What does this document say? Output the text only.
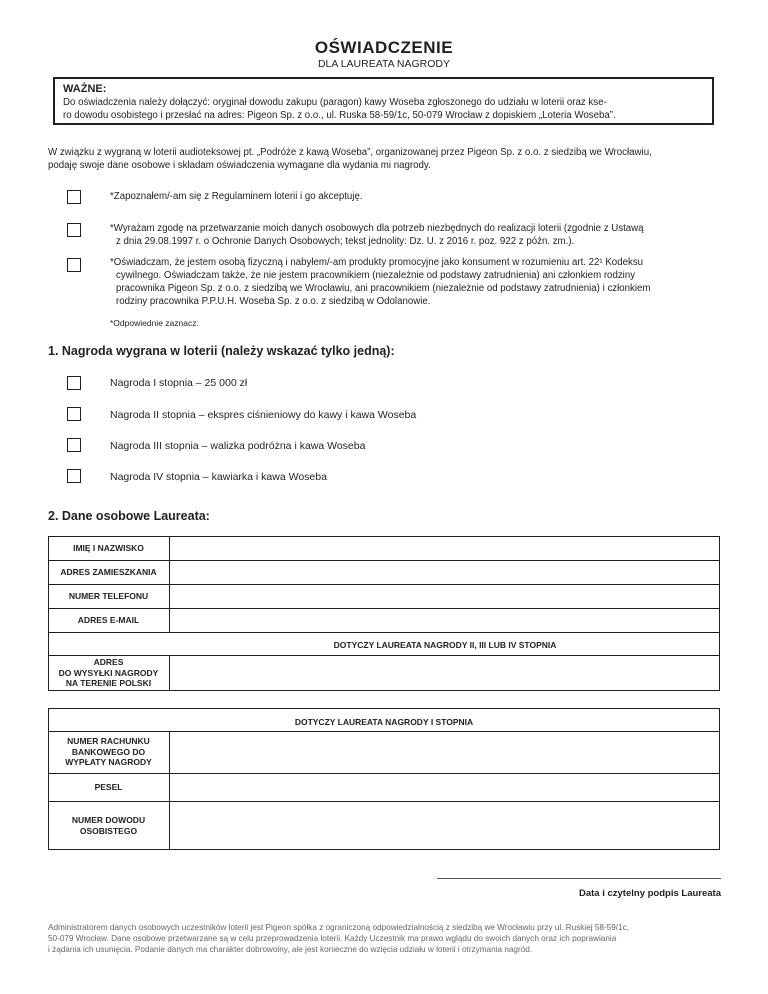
OŚWIADCZENIE
DLA LAUREATA NAGRODY
WAŻNE:
Do oświadczenia należy dołączyć: oryginał dowodu zakupu (paragon) kawy Woseba zgłoszonego do udziału w loterii oraz kse-
ro dowodu osobistego i przesłać na adres: Pigeon Sp. z o.o., ul. Ruska 58-59/1c, 50-079 Wrocław z dopiskiem „Loteria Woseba”.
W związku z wygraną w loterii audioteksowej pt. „Podróże z kawą Woseba”, organizowanej przez Pigeon Sp. z o.o. z siedzibą we Wrocławiu,
podaję swoje dane osobowe i składam oświadczenia wymagane dla wydania mi nagrody.
*Zapoznałem/-am się z Regulaminem loterii i go akceptuję.
*Wyrażam zgodę na przetwarzanie moich danych osobowych dla potrzeb niezbędnych do realizacji loterii (zgodnie z Ustawą
z dnia 29.08.1997 r. o Ochronie Danych Osobowych; tekst jednolity: Dz. U. z 2016 r. poz. 922 z późn. zm.).
*Oświadczam, że jestem osobą fizyczną i nabyłem/-am produkty promocyjne jako konsument w rozumieniu art. 22¹ Kodeksu
cywilnego. Oświadczam także, że nie jestem pracownikiem (niezależnie od podstawy zatrudnienia) ani członkiem rodziny
pracownika Pigeon Sp. z o.o. z siedzibą we Wrocławiu, ani pracownikiem (niezależnie od podstawy zatrudnienia) i członkiem
rodziny pracownika P.P.U.H. Woseba Sp. z o.o. z siedzibą w Odolanowie.
*Odpowiednie zaznacz.
1. Nagroda wygrana w loterii (należy wskazać tylko jedną):
Nagroda I stopnia – 25 000 zł
Nagroda II stopnia – ekspres ciśnieniowy do kawy i kawa Woseba
Nagroda III stopnia – walizka podróżna i kawa Woseba
Nagroda IV stopnia – kawiarka i kawa Woseba
2. Dane osobowe Laureata:
IMIĘ I NAZWISKO
ADRES ZAMIESZKANIA
NUMER TELEFONU
ADRES E-MAIL
DOTYCZY LAUREATA NAGRODY II, III LUB IV STOPNIA
ADRES
DO WYSYŁKI NAGRODY
NA TERENIE POLSKI
DOTYCZY LAUREATA NAGRODY I STOPNIA
NUMER RACHUNKU
BANKOWEGO DO
WYPŁATY NAGRODY
PESEL
NUMER DOWODU
OSOBISTEGO
Data i czytelny podpis Laureata
Administratorem danych osobowych uczestników loterii jest Pigeon spółka z ograniczoną odpowiedzialnością z siedzibą we Wrocławiu przy ul. Ruskiej 58-59/1c,
50-079 Wrocław. Dane osobowe przetwarzane są w celu przeprowadzenia loterii. Każdy Uczestnik ma prawo wglądu do swoich danych oraz ich poprawiania
i żądania ich usunięcia. Podanie danych ma charakter dobrowolny, ale jest konieczne do wzięcia udziału w loterii i otrzymania nagród.
